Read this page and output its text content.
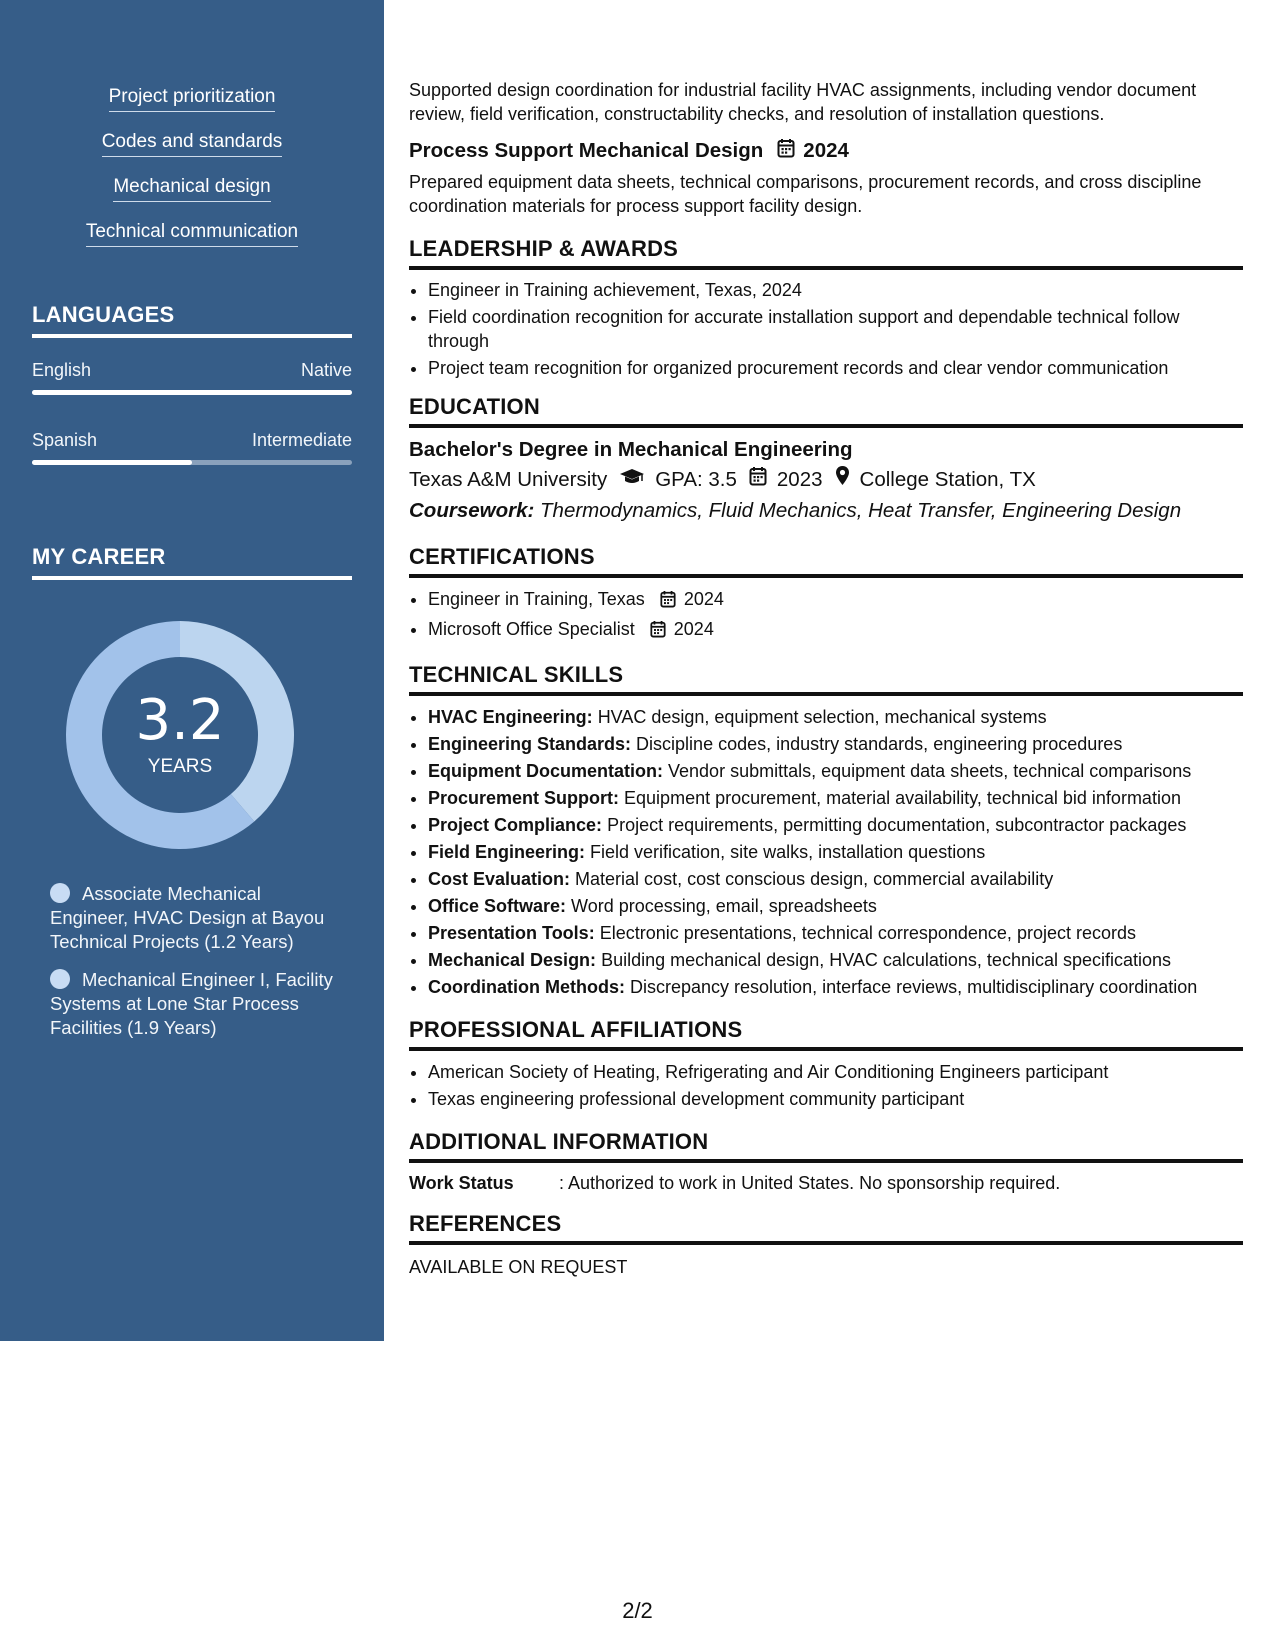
Project prioritization
Codes and standards
Mechanical design
Technical communication
LANGUAGES
English	Native
Spanish	Intermediate
MY CAREER
3.2
YEARS
Associate Mechanical Engineer, HVAC Design at Bayou Technical Projects (1.2 Years)
Mechanical Engineer I, Facility Systems at Lone Star Process Facilities (1.9 Years)
Supported design coordination for industrial facility HVAC assignments, including vendor document review, field verification, constructability checks, and resolution of installation questions.
Process Support Mechanical Design 2024
Prepared equipment data sheets, technical comparisons, procurement records, and cross discipline coordination materials for process support facility design.
LEADERSHIP & AWARDS
• Engineer in Training achievement, Texas, 2024
• Field coordination recognition for accurate installation support and dependable technical follow through
• Project team recognition for organized procurement records and clear vendor communication
EDUCATION
Bachelor's Degree in Mechanical Engineering
Texas A&M University GPA: 3.5 2023 College Station, TX
Coursework: Thermodynamics, Fluid Mechanics, Heat Transfer, Engineering Design
CERTIFICATIONS
• Engineer in Training, Texas 2024
• Microsoft Office Specialist 2024
TECHNICAL SKILLS
• HVAC Engineering: HVAC design, equipment selection, mechanical systems
• Engineering Standards: Discipline codes, industry standards, engineering procedures
• Equipment Documentation: Vendor submittals, equipment data sheets, technical comparisons
• Procurement Support: Equipment procurement, material availability, technical bid information
• Project Compliance: Project requirements, permitting documentation, subcontractor packages
• Field Engineering: Field verification, site walks, installation questions
• Cost Evaluation: Material cost, cost conscious design, commercial availability
• Office Software: Word processing, email, spreadsheets
• Presentation Tools: Electronic presentations, technical correspondence, project records
• Mechanical Design: Building mechanical design, HVAC calculations, technical specifications
• Coordination Methods: Discrepancy resolution, interface reviews, multidisciplinary coordination
PROFESSIONAL AFFILIATIONS
• American Society of Heating, Refrigerating and Air Conditioning Engineers participant
• Texas engineering professional development community participant
ADDITIONAL INFORMATION
Work Status	: Authorized to work in United States. No sponsorship required.
REFERENCES
AVAILABLE ON REQUEST
2/2
